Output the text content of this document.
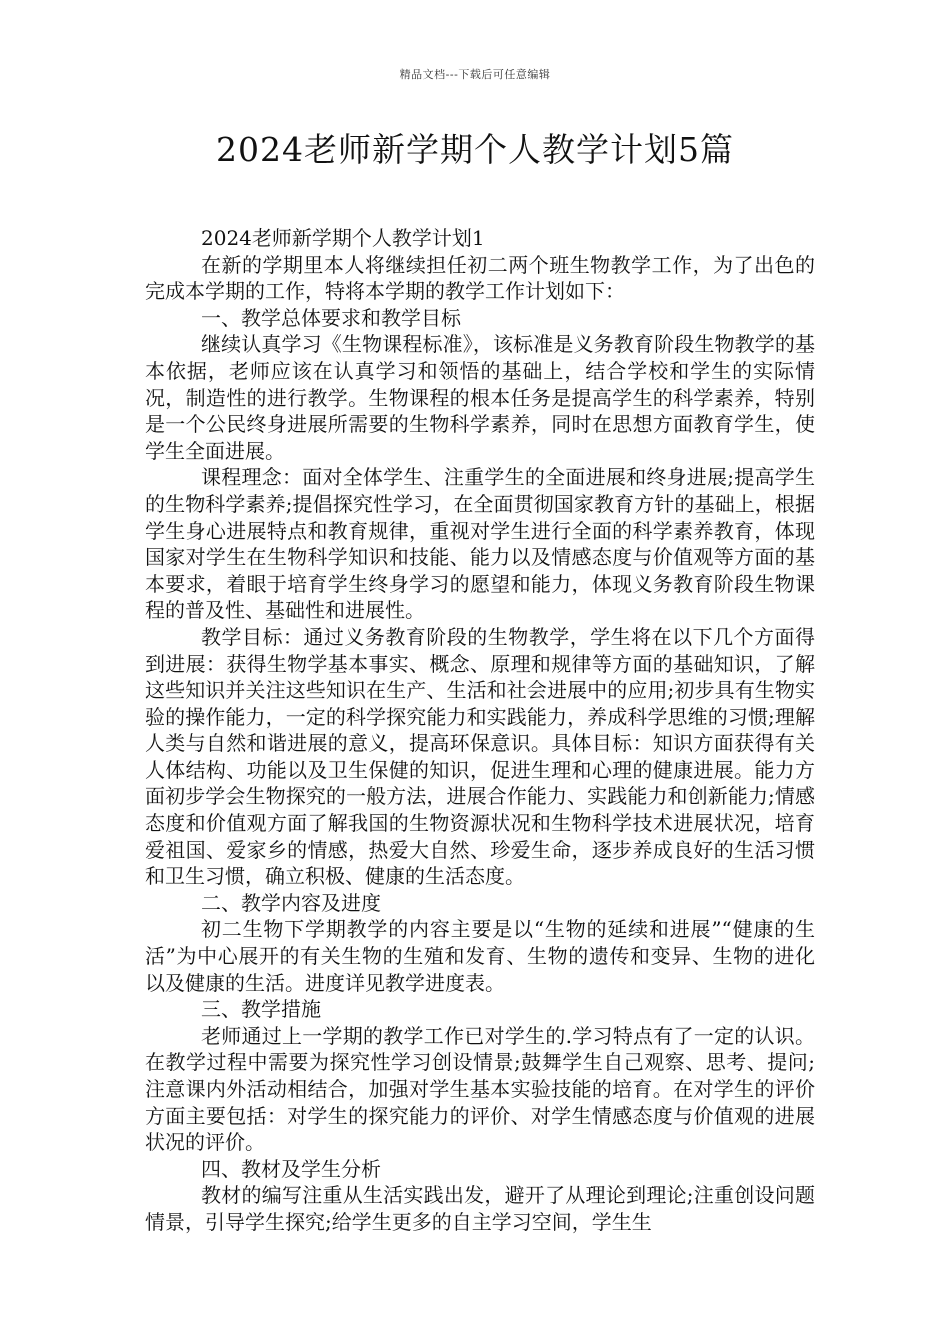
精品文档---下载后可任意编辑
2024老师新学期个人教学计划5篇

2024老师新学期个人教学计划1

在新的学期里本人将继续担任初二两个班生物教学工作，为了出色的完成本学期的工作，特将本学期的教学工作计划如下：

一、教学总体要求和教学目标

继续认真学习《生物课程标准》，该标准是义务教育阶段生物教学的基本依据，老师应该在认真学习和领悟的基础上，结合学校和学生的实际情况，制造性的进行教学。生物课程的根本任务是提高学生的科学素养，特别是一个公民终身进展所需要的生物科学素养，同时在思想方面教育学生，使学生全面进展。

课程理念：面对全体学生、注重学生的全面进展和终身进展;提高学生的生物科学素养;提倡探究性学习，在全面贯彻国家教育方针的基础上，根据学生身心进展特点和教育规律，重视对学生进行全面的科学素养教育，体现国家对学生在生物科学知识和技能、能力以及情感态度与价值观等方面的基本要求，着眼于培育学生终身学习的愿望和能力，体现义务教育阶段生物课程的普及性、基础性和进展性。

教学目标：通过义务教育阶段的生物教学，学生将在以下几个方面得到进展：获得生物学基本事实、概念、原理和规律等方面的基础知识，了解这些知识并关注这些知识在生产、生活和社会进展中的应用;初步具有生物实验的操作能力，一定的科学探究能力和实践能力，养成科学思维的习惯;理解人类与自然和谐进展的意义，提高环保意识。具体目标：知识方面获得有关人体结构、功能以及卫生保健的知识，促进生理和心理的健康进展。能力方面初步学会生物探究的一般方法，进展合作能力、实践能力和创新能力;情感态度和价值观方面了解我国的生物资源状况和生物科学技术进展状况，培育爱祖国、爱家乡的情感，热爱大自然、珍爱生命，逐步养成良好的生活习惯和卫生习惯，确立积极、健康的生活态度。

二、教学内容及进度

初二生物下学期教学的内容主要是以“生物的延续和进展”“健康的生活”为中心展开的有关生物的生殖和发育、生物的遗传和变异、生物的进化以及健康的生活。进度详见教学进度表。

三、教学措施

老师通过上一学期的教学工作已对学生的.学习特点有了一定的认识。在教学过程中需要为探究性学习创设情景;鼓舞学生自己观察、思考、提问;注意课内外活动相结合，加强对学生基本实验技能的培育。在对学生的评价方面主要包括：对学生的探究能力的评价、对学生情感态度与价值观的进展状况的评价。

四、教材及学生分析

教材的编写注重从生活实践出发，避开了从理论到理论;注重创设问题情景，引导学生探究;给学生更多的自主学习空间，学生生
